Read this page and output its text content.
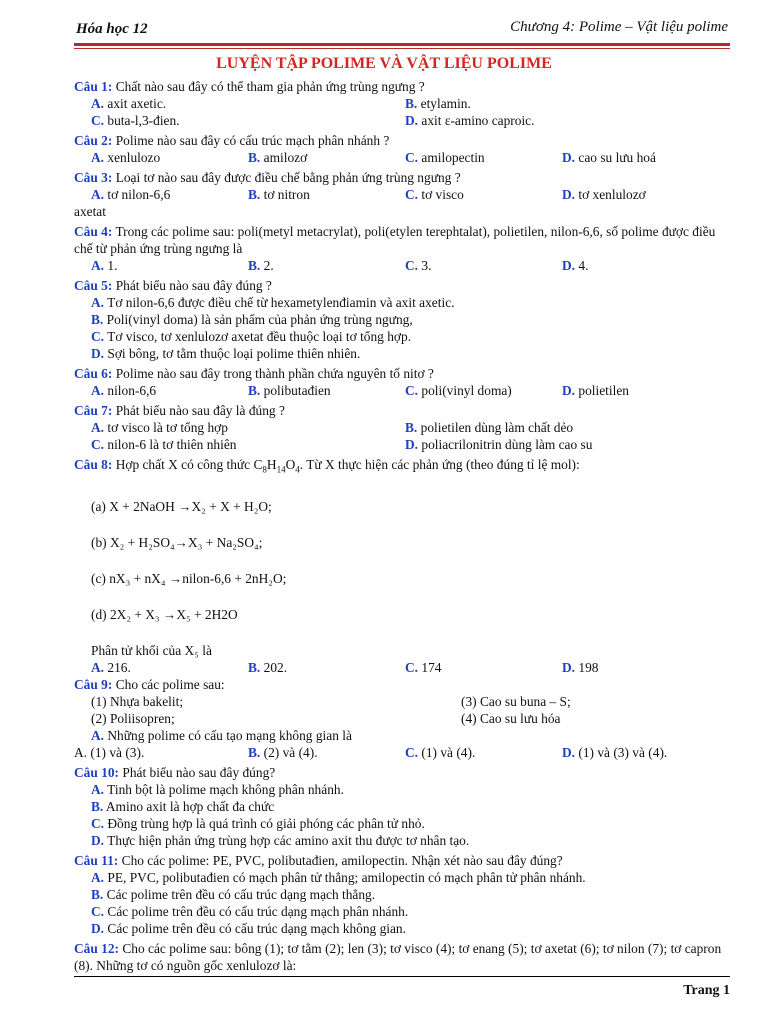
Hóa học 12	Chương 4: Polime – Vật liệu polime
LUYỆN TẬP POLIME VÀ VẬT LIỆU POLIME
Câu 1: Chất nào sau đây có thể tham gia phản ứng trùng ngưng ?
A. axit axetic.	B. etylamin.
C. buta-l,3-đien.	D. axit ε-amino caproic.
Câu 2: Polime nào sau đây có cấu trúc mạch phân nhánh ?
A. xenlulozo	B. amilozơ	C. amilopectin	D. cao su lưu hoá
Câu 3: Loại tơ nào sau đây được điều chế bằng phản ứng trùng ngưng ?
A. tơ nilon-6,6	B. tơ nitron	C. tơ visco	D. tơ xenlulozơ
axetat
Câu 4: Trong các polime sau: poli(metyl metacrylat), poli(etylen terephtalat), polietilen, nilon-6,6, số polime được điều chế từ phản ứng trùng ngưng là
A. 1.	B. 2.	C. 3.	D. 4.
Câu 5: Phát biểu nào sau đây đúng ?
A. Tơ nilon-6,6 được điều chế từ hexametylenđiamin và axit axetic.
B. Poli(vinyl doma) là sản phẩm của phản ứng trùng ngưng,
C. Tơ visco, tơ xenlulozơ axetat đều thuộc loại tơ tổng hợp.
D. Sợi bông, tơ tằm thuộc loại polime thiên nhiên.
Câu 6: Polime nào sau đây trong thành phần chứa nguyên tố nitơ ?
A. nilon-6,6	B. polibutađien	C. poli(vinyl doma)	D. polietilen
Câu 7: Phát biểu nào sau đây là đúng ?
A. tơ visco là tơ tổng hợp	B. polietilen dùng làm chất dẻo
C. nilon-6 là tơ thiên nhiên	D. poliacrilonitrin dùng làm cao su
Câu 8: Hợp chất X có công thức $C_8H_{14}O_4$. Từ X thực hiện các phản ứng (theo đúng tỉ lệ mol):
(a) X + 2NaOH →X₂ + X + H₂O;
(b) X₂ + H₂SO₄→X₃ + Na₂SO₄;
(c) nX₃ + nX₄ →nilon-6,6 + 2nH₂O;
(d) 2X₂ + X₃ →X₅ + 2H2O
Phân tử khối của X₅ là
A. 216.	B. 202.	C. 174	D. 198
Câu 9: Cho các polime sau:
(1) Nhựa bakelit;	(3) Cao su buna – S;
(2) Poliisopren;	(4) Cao su lưu hóa
A. Những polime có cấu tạo mạng không gian là
A. (1) và (3).	B. (2) và (4).	C. (1) và (4).	D. (1) và (3) và (4).
Câu 10: Phát biểu nào sau đây đúng?
A. Tinh bột là polime mạch không phân nhánh.
B. Amino axit là hợp chất đa chức
C. Đồng trùng hợp là quá trình có giải phóng các phân tử nhỏ.
D. Thực hiện phản ứng trùng hợp các amino axit thu được tơ nhân tạo.
Câu 11: Cho các polime: PE, PVC, polibutađien, amilopectin. Nhận xét nào sau đây đúng?
A. PE, PVC, polibutađien có mạch phân tử thẳng; amilopectin có mạch phân tử phân nhánh.
B. Các polime trên đều có cấu trúc dạng mạch thẳng.
C. Các polime trên đều có cấu trúc dạng mạch phân nhánh.
D. Các polime trên đều có cấu trúc dạng mạch không gian.
Câu 12: Cho các polime sau: bông (1); tơ tằm (2); len (3); tơ visco (4); tơ enang (5); tơ axetat (6); tơ nilon (7); tơ capron (8). Những tơ có nguồn gốc xenlulozơ là:
Trang 1
